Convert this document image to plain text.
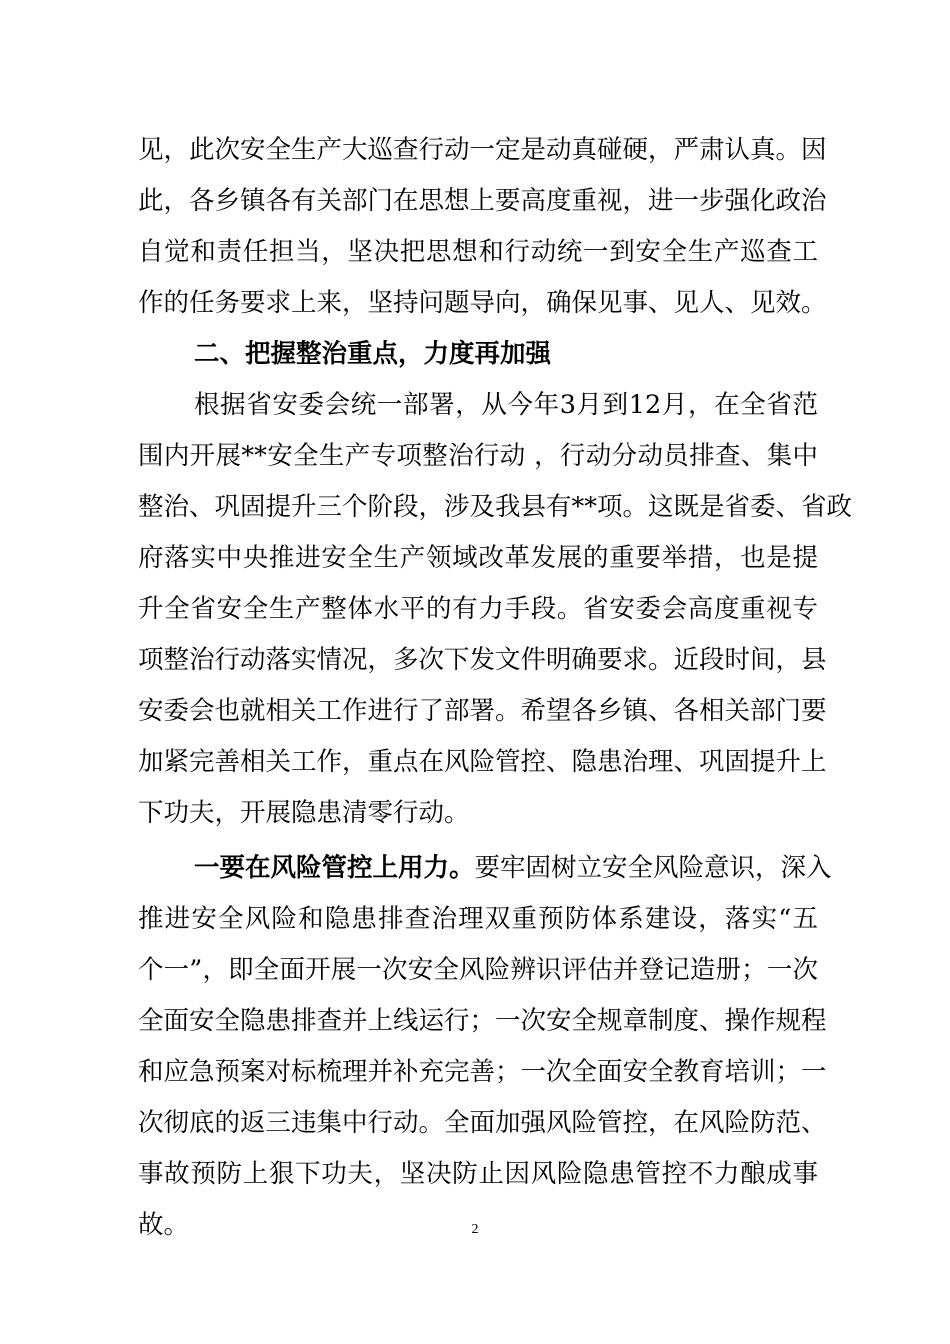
见，此次安全生产大巡查行动一定是动真碰硬，严肃认真。因
此，各乡镇各有关部门在思想上要高度重视，进一步强化政治
自觉和责任担当，坚决把思想和行动统一到安全生产巡查工
作的任务要求上来，坚持问题导向，确保见事、见人、见效。
二、把握整治重点，力度再加强
根据省安委会统一部署，从今年3月到12月，在全省范
围内开展**安全生产专项整治行动 ，行动分动员排查、集中
整治、巩固提升三个阶段，涉及我县有**项。这既是省委、省政
府落实中央推进安全生产领域改革发展的重要举措，也是提
升全省安全生产整体水平的有力手段。省安委会高度重视专
项整治行动落实情况，多次下发文件明确要求。近段时间，县
安委会也就相关工作进行了部署。希望各乡镇、各相关部门要
加紧完善相关工作，重点在风险管控、隐患治理、巩固提升上
下功夫，开展隐患清零行动。
一要在风险管控上用力。要牢固树立安全风险意识，深入
推进安全风险和隐患排查治理双重预防体系建设，落实“五
个一”，即全面开展一次安全风险辨识评估并登记造册；一次
全面安全隐患排查并上线运行；一次安全规章制度、操作规程
和应急预案对标梳理并补充完善；一次全面安全教育培训；一
次彻底的返三违集中行动。全面加强风险管控，在风险防范、
事故预防上狠下功夫，坚决防止因风险隐患管控不力酿成事
故。	2
